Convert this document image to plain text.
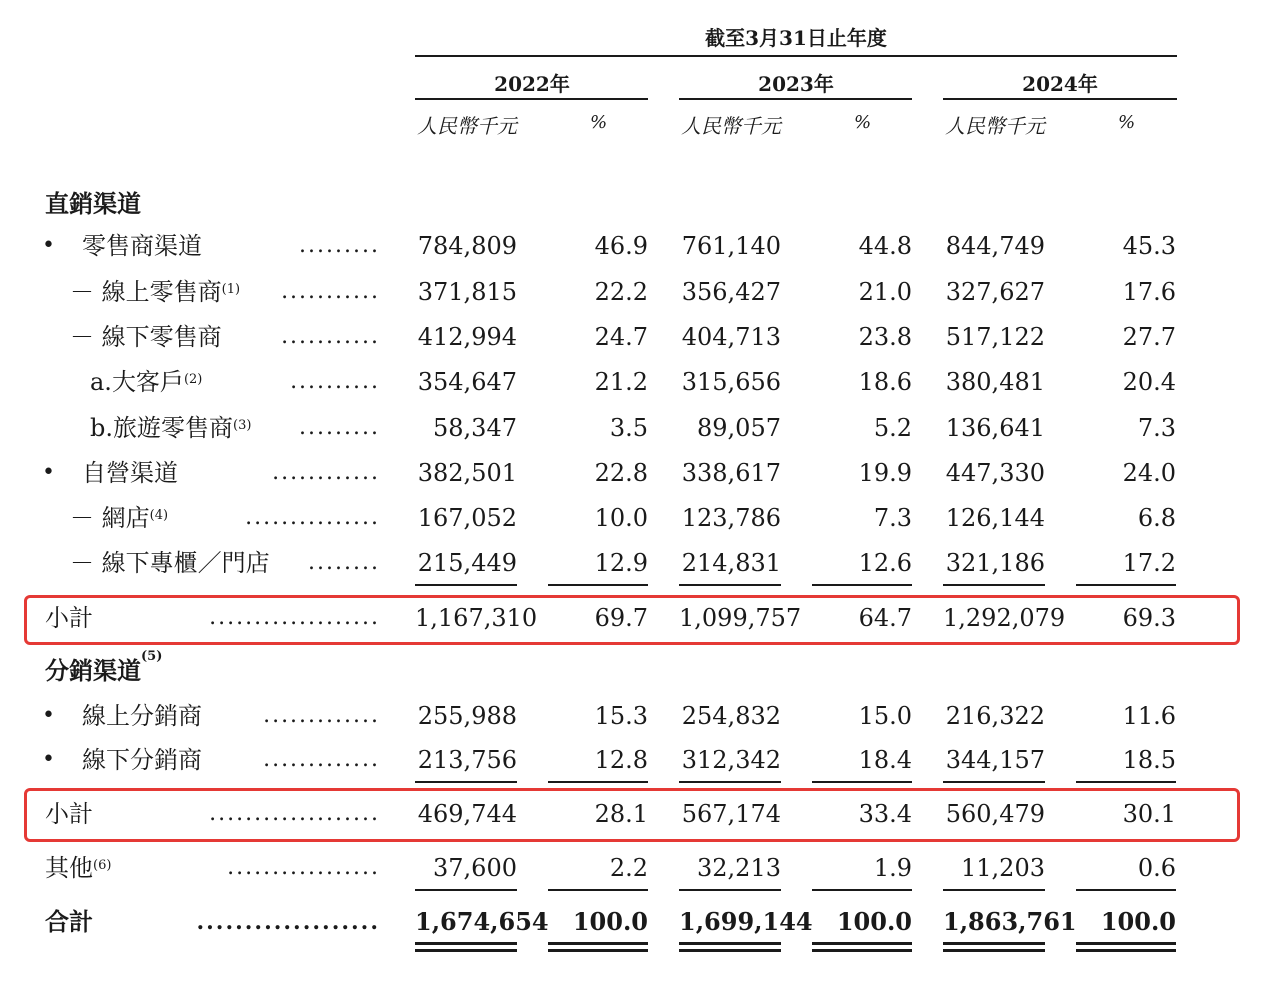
截至3月31日止年度
2022年	2023年	2024年
人民幣千元	%	人民幣千元	%	人民幣千元	%
直銷渠道
• 零售商渠道	......... 784,809	46.9 761,140	44.8 844,749	45.3
－ 線上零售商$^{(1)}$ ........... 371,815	22.2 356,427	21.0 327,627	17.6
－ 線下零售商	........... 412,994	24.7 404,713	23.8 517,122	27.7
a.大客戶$^{(2)}$	.......... 354,647	21.2 315,656	18.6 380,481	20.4
b.旅遊零售商$^{(3)}$ .........	58,347	3.5	89,057	5.2 136,641	7.3
• 自營渠道	............ 382,501	22.8 338,617	19.9 447,330	24.0
－ 網店$^{(4)}$	............... 167,052	10.0 123,786	7.3 126,144	6.8
－ 線下專櫃／門店 ........ 215,449	12.9 214,831	12.6 321,186	17.2
小計	................... 1,167,310	69.7 1,099,757	64.7 1,292,079	69.3
分銷渠道$^{(5)}$
• 線上分銷商	............. 255,988	15.3 254,832	15.0 216,322	11.6
• 線下分銷商	............. 213,756	12.8 312,342	18.4 344,157	18.5
小計	................... 469,744	28.1 567,174	33.4 560,479	30.1
其他$^{(6)}$	.................	37,600	2.2	32,213	1.9	11,203	0.6
合計	................... 1,674,654	100.0 1,699,144	100.0 1,863,761	100.0
